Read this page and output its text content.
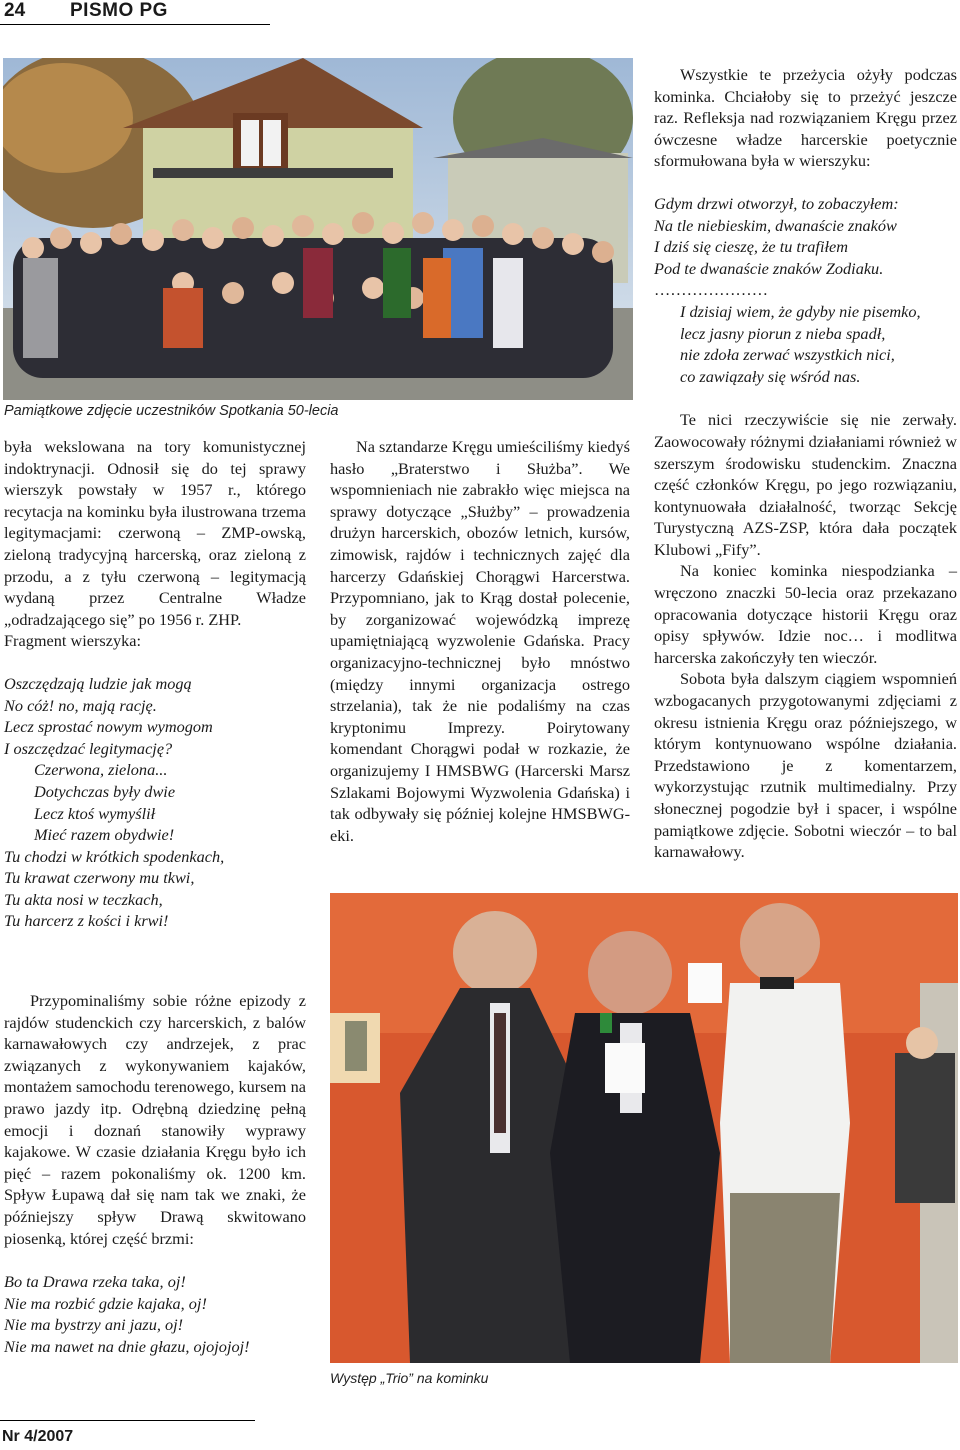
24 PISMO PG
Pamiątkowe zdjęcie uczestników Spotkania 50-lecia

była wekslowana na tory komunistycznej indoktrynacji. Odnosił się do tej sprawy wierszyk powstały w 1957 r., którego recytacja na kominku była ilustrowana trzema legitymacjami: czerwoną – ZMP-owską, zieloną tradycyjną harcerską, oraz zieloną z przodu, a z tyłu czerwoną – legitymacją wydaną przez Centralne Władze „odradzającego się” po 1956 r. ZHP.

Fragment wierszyka:

Oszczędzają ludzie jak mogą
No cóż! no, mają rację.
Lecz sprostać nowym wymogom
I oszczędzać legitymację?
Czerwona, zielona...
Dotychczas były dwie
Lecz ktoś wymyślił
Mieć razem obydwie!
Tu chodzi w krótkich spodenkach,
Tu krawat czerwony mu tkwi,
Tu akta nosi w teczkach,
Tu harcerz z kości i krwi!

Przypominaliśmy sobie różne epizody z rajdów studenckich czy harcerskich, z balów karnawałowych czy andrzejek, z prac związanych z wykonywaniem kajaków, montażem samochodu terenowego, kursem na prawo jazdy itp. Odrębną dziedzinę pełną emocji i doznań stanowiły wyprawy kajakowe. W czasie działania Kręgu było ich pięć – razem pokonaliśmy ok. 1200 km. Spływ Łupawą dał się nam tak we znaki, że późniejszy spływ Drawą skwitowano piosenką, której część brzmi:

Bo ta Drawa rzeka taka, oj!
Nie ma rozbić gdzie kajaka, oj!
Nie ma bystrzy ani jazu, oj!
Nie ma nawet na dnie głazu, ojojojoj!

Na sztandarze Kręgu umieściliśmy kiedyś hasło „Braterstwo i Służba”. We wspomnieniach nie zabrakło więc miejsca na sprawy dotyczące „Służby” – prowadzenia drużyn harcerskich, obozów letnich, kursów, zimowisk, rajdów i technicznych zajęć dla harcerzy Gdańskiej Chorągwi Harcerstwa. Przypomniano, jak to Krąg dostał polecenie, by zorganizować wojewódzką imprezę upamiętniającą wyzwolenie Gdańska. Pracy organizacyjno-technicznej było mnóstwo (między innymi organizacja ostrego strzelania), tak że nie podaliśmy na czas kryptonimu Imprezy. Poirytowany komendant Chorągwi podał w rozkazie, że organizujemy I HMSBWG (Harcerski Marsz Szlakami Bojowymi Wyzwolenia Gdańska) i tak odbywały się później kolejne HMSBWG-eki.

Wszystkie te przeżycia ożyły podczas kominka. Chciałoby się to przeżyć jeszcze raz. Refleksja nad rozwiązaniem Kręgu przez ówczesne władze harcerskie poetycznie sformułowana była w wierszyku:

Gdym drzwi otworzył, to zobaczyłem:
Na tle niebieskim, dwanaście znaków
I dziś się cieszę, że tu trafiłem
Pod te dwanaście znaków Zodiaku.
…………………
I dzisiaj wiem, że gdyby nie pisemko,
lecz jasny piorun z nieba spadł,
nie zdoła zerwać wszystkich nici,
co zawiązały się wśród nas.

Te nici rzeczywiście się nie zerwały. Zaowocowały różnymi działaniami również w szerszym środowisku studenckim. Znaczna część członków Kręgu, po jego rozwiązaniu, kontynuowała działalność, tworząc Sekcję Turystyczną AZS-ZSP, która dała początek Klubowi „Fify”.

Na koniec kominka niespodzianka – wręczono znaczki 50-lecia oraz przekazano opracowania dotyczące historii Kręgu oraz opisy spływów. Idzie noc… i modlitwa harcerska zakończyły ten wieczór.

Sobota była dalszym ciągiem wspomnień wzbogacanych przygotowanymi zdjęciami z okresu istnienia Kręgu oraz późniejszego, w którym kontynuowano wspólne działania. Przedstawiono je z komentarzem, wykorzystując rzutnik multimedialny. Przy słonecznej pogodzie był i spacer, i wspólne pamiątkowe zdjęcie. Sobotni wieczór – to bal karnawałowy.

Występ „Trio” na kominku
Nr 4/2007
